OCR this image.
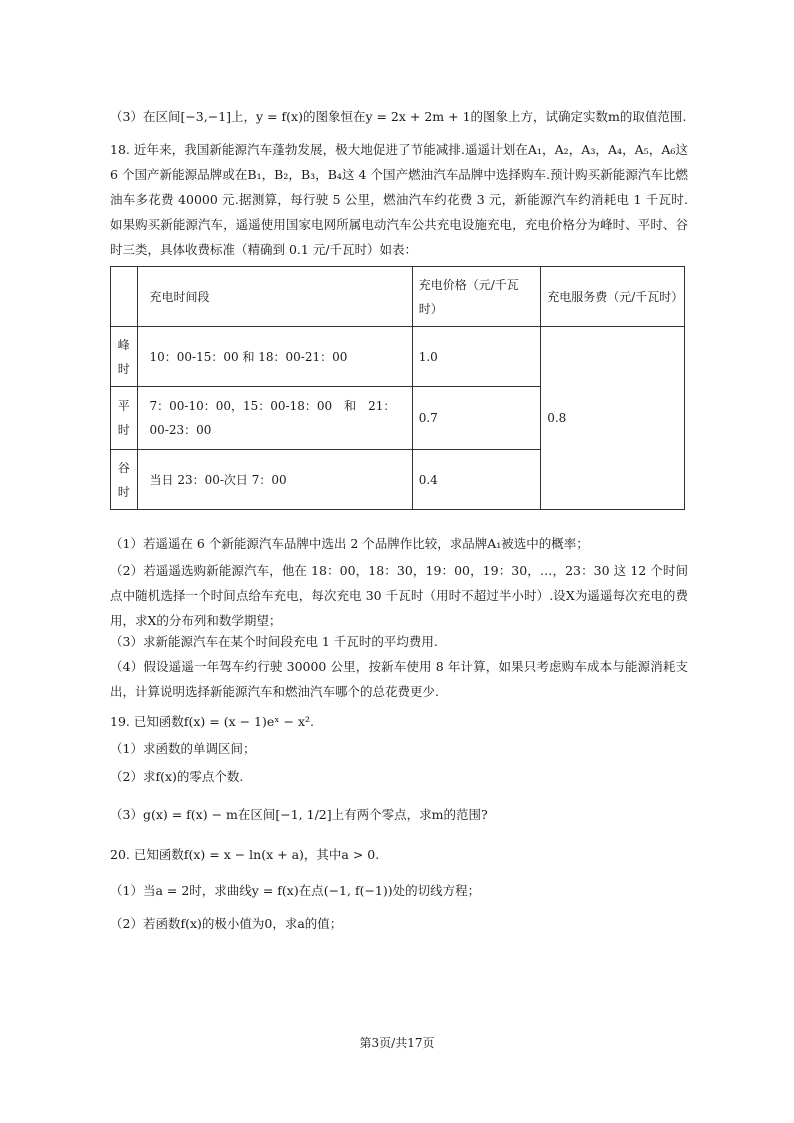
（3）在区间[−3,−1]上，y = f(x)的图象恒在y = 2x + 2m + 1的图象上方，试确定实数m的取值范围.
18. 近年来，我国新能源汽车蓬勃发展，极大地促进了节能减排.遥遥计划在A₁，A₂，A₃，A₄，A₅，A₆这 6 个国产新能源品牌或在B₁，B₂，B₃，B₄这 4 个国产燃油汽车品牌中选择购车.预计购买新能源汽车比燃油车多花费 40000 元.据测算，每行驶 5 公里，燃油汽车约花费 3 元，新能源汽车约消耗电 1 千瓦时.如果购买新能源汽车，遥遥使用国家电网所属电动汽车公共充电设施充电，充电价格分为峰时、平时、谷时三类，具体收费标准（精确到 0.1 元/千瓦时）如表：
	充电时间段	充电价格（元/千瓦时）	充电服务费（元/千瓦时）
峰时	10：00-15：00 和 18：00-21：00	1.0	0.8
平时	7：00-10：00，15：00-18：00　和　21：00-23：00	0.7	
谷时	当日 23：00-次日 7：00	0.4	
（1）若遥遥在 6 个新能源汽车品牌中选出 2 个品牌作比较，求品牌A₁被选中的概率；
（2）若遥遥选购新能源汽车，他在 18：00，18：30，19：00，19：30，…，23：30 这 12 个时间点中随机选择一个时间点给车充电，每次充电 30 千瓦时（用时不超过半小时）.设X为遥遥每次充电的费用，求X的分布列和数学期望；
（3）求新能源汽车在某个时间段充电 1 千瓦时的平均费用.
（4）假设遥遥一年驾车约行驶 30000 公里，按新车使用 8 年计算，如果只考虑购车成本与能源消耗支出，计算说明选择新能源汽车和燃油汽车哪个的总花费更少.
19. 已知函数f(x) = (x − 1)eˣ − x².
（1）求函数的单调区间；
（2）求f(x)的零点个数.
（3）g(x) = f(x) − m在区间[−1, 1/2]上有两个零点，求m的范围?
20. 已知函数f(x) = x − ln(x + a)，其中a > 0.
（1）当a = 2时，求曲线y = f(x)在点(−1, f(−1))处的切线方程；
（2）若函数f(x)的极小值为0，求a的值；
第3页/共17页
